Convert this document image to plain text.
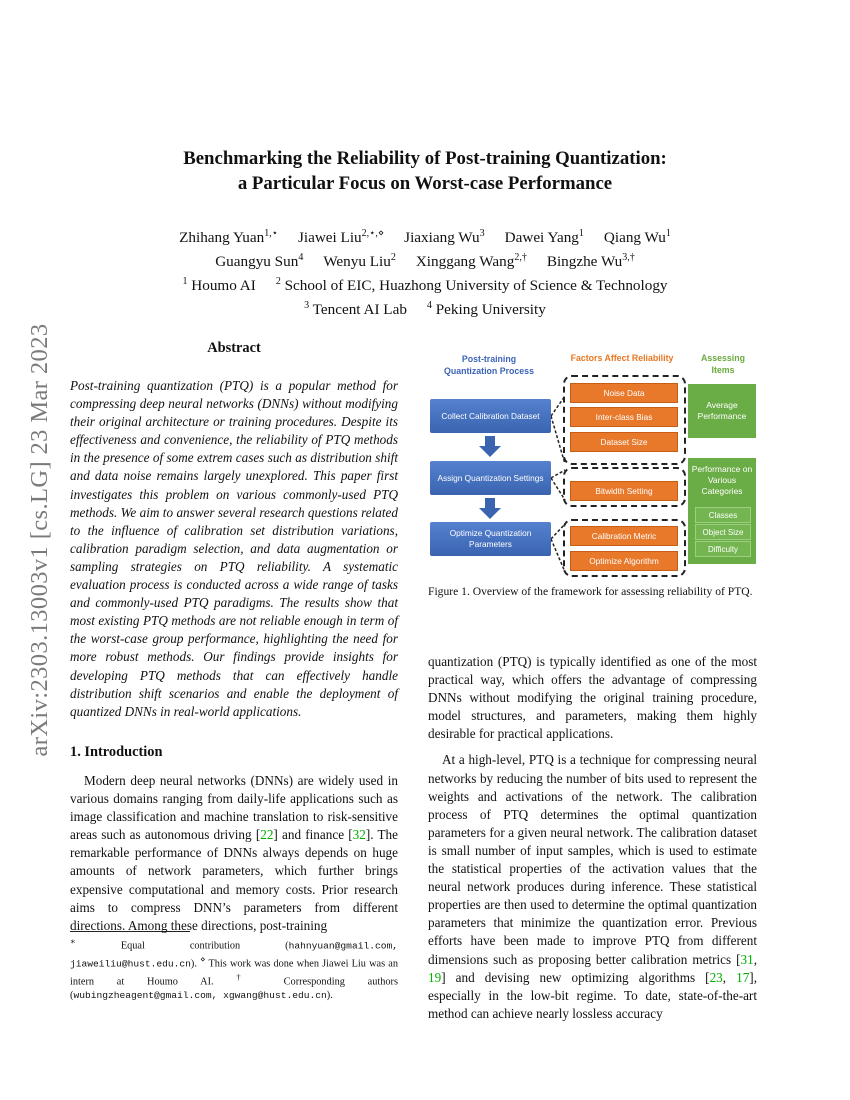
arXiv:2303.13003v1 [cs.LG] 23 Mar 2023
Benchmarking the Reliability of Post-training Quantization:
a Particular Focus on Worst-case Performance
Zhihang Yuan$^{1,⋆}$ Jiawei Liu$^{2,⋆,⋄}$ Jiaxiang Wu$^3$ Dawei Yang$^1$ Qiang Wu$^1$
Guangyu Sun$^4$ Wenyu Liu$^2$ Xinggang Wang$^{2,\dagger}$ Bingzhe $Wu^{3,\dagger}$
$^1$ Houmo AI $^2$ School of EIC, Huazhong University of Science & Technology
$^3$ Tencent AI Lab $^4$ Peking University
Abstract

Post-training quantization (PTQ) is a popular method for compressing deep neural networks (DNNs) without modifying their original architecture or training procedures. Despite its effectiveness and convenience, the reliability of PTQ methods in the presence of some extrem cases such as distribution shift and data noise remains largely unexplored. This paper first investigates this problem on various commonly-used PTQ methods. We aim to answer several research questions related to the influence of calibration set distribution variations, calibration paradigm selection, and data augmentation or sampling strategies on PTQ reliability. A systematic evaluation process is conducted across a wide range of tasks and commonly-used PTQ paradigms. The results show that most existing PTQ methods are not reliable enough in term of the worst-case group performance, highlighting the need for more robust methods. Our findings provide insights for developing PTQ methods that can effectively handle distribution shift scenarios and enable the deployment of quantized DNNs in real-world applications.

1. Introduction

Modern deep neural networks (DNNs) are widely used in various domains ranging from daily-life applications such as image classification and machine translation to risk-sensitive areas such as autonomous driving [22] and finance [32]. The remarkable performance of DNNs always depends on huge amounts of network parameters, which further brings expensive computational and memory costs. Prior research aims to compress DNN’s parameters from different directions. Among these directions, post-training

∗ Equal contribution (hahnyuan@gmail.com, jiaweiliu@hust.edu.cn). ⋄ This work was done when Jiawei Liu was an intern at Houmo AI. † Corresponding authors (wubingzheagent@gmail.com, xgwang@hust.edu.cn).
Post-training Quantization Process
Factors Affect Reliability	Assessing Items
Collect Calibration Dataset
Assign Quantization Settings
Optimize Quantization Parameters
Noise Data
Inter-class Bias
Dataset Size
Bitwidth Setting
Calibration Metric
Optimize Algorithm
Average Performance
Performance on Various Categories
Classes
Object Size
Difficulty
Figure 1. Overview of the framework for assessing reliability of PTQ.

quantization (PTQ) is typically identified as one of the most practical way, which offers the advantage of compressing DNNs without modifying the original training procedure, model structures, and parameters, making them highly desirable for practical applications.

At a high-level, PTQ is a technique for compressing neural networks by reducing the number of bits used to represent the weights and activations of the network. The calibration process of PTQ determines the optimal quantization parameters for a given neural network. The calibration dataset is small number of input samples, which is used to estimate the statistical properties of the activation values that the neural network produces during inference. These statistical properties are then used to determine the optimal quantization parameters that minimize the quantization error. Previous efforts have been made to improve PTQ from different dimensions such as proposing better calibration metrics [31, 19] and devising new optimizing algorithms [23, 17], especially in the low-bit regime. To date, state-of-the-art method can achieve nearly lossless accuracy
